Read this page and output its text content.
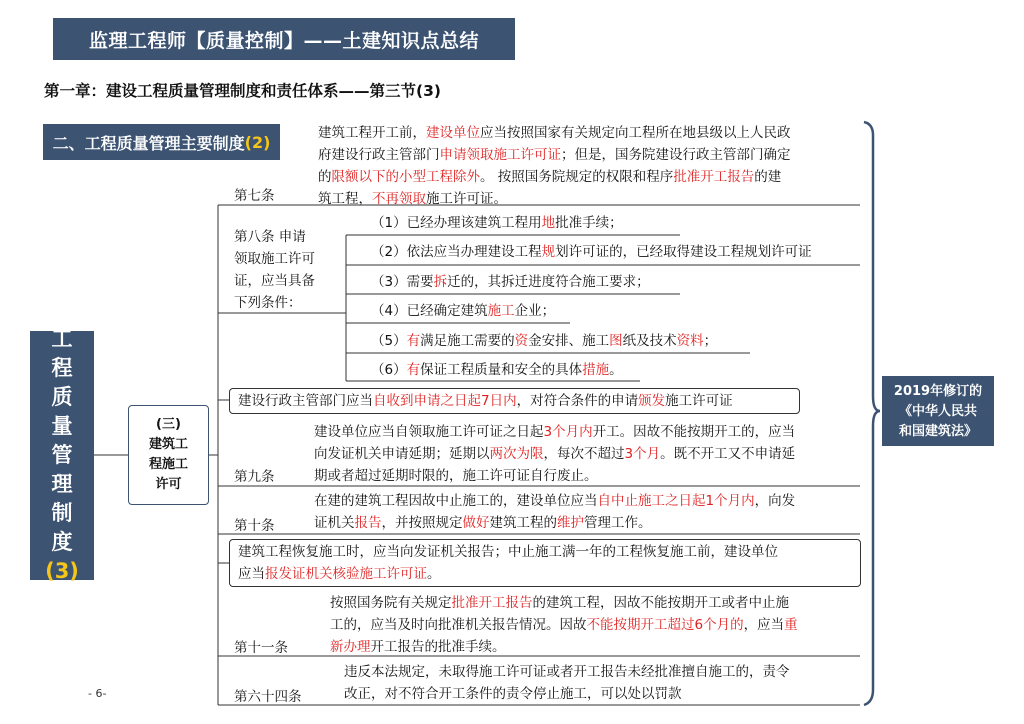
监理工程师【质量控制】——土建知识点总结
第一章：建设工程质量管理制度和责任体系——第三节(3)
二、工程质量管理主要制度 (2)
工
程
质
量
管
理
制
度
(3)
(三)
建筑工
程施工
许可
2019年修订的
《中华人民共
和国建筑法》
建筑工程开工前，建设单位应当按照国家有关规定向工程所在地县级以上人民政
府建设行政主管部门申请领取施工许可证；但是，国务院建设行政主管部门确定
的限额以下的小型工程除外。 按照国务院规定的权限和程序批准开工报告的建
筑工程，不再领取施工许可证。
第七条
第八条 申请
领取施工许可
证，应当具备
下列条件：
（1）已经办理该建筑工程用地批准手续；
（2）依法应当办理建设工程规划许可证的，已经取得建设工程规划许可证
（3）需要拆迁的，其拆迁进度符合施工要求；
（4）已经确定建筑施工企业；
（5）有满足施工需要的资金安排、施工图纸及技术资料；
（6）有保证工程质量和安全的具体措施。
建设行政主管部门应当自收到申请之日起7日内，对符合条件的申请颁发施工许可证
建设单位应当自领取施工许可证之日起3个月内开工。因故不能按期开工的，应当
向发证机关申请延期；延期以两次为限，每次不超过3个月。既不开工又不申请延
期或者超过延期时限的，施工许可证自行废止。
第九条
在建的建筑工程因故中止施工的，建设单位应当自中止施工之日起1个月内，向发
证机关报告，并按照规定做好建筑工程的维护管理工作。
第十条
建筑工程恢复施工时，应当向发证机关报告；中止施工满一年的工程恢复施工前，建设单位
应当报发证机关核验施工许可证。
按照国务院有关规定批准开工报告的建筑工程，因故不能按期开工或者中止施
工的，应当及时向批准机关报告情况。因故不能按期开工超过6个月的，应当重
新办理开工报告的批准手续。
第十一条
违反本法规定，未取得施工许可证或者开工报告未经批准擅自施工的，责令
改正，对不符合开工条件的责令停止施工，可以处以罚款
第六十四条
- 6-
